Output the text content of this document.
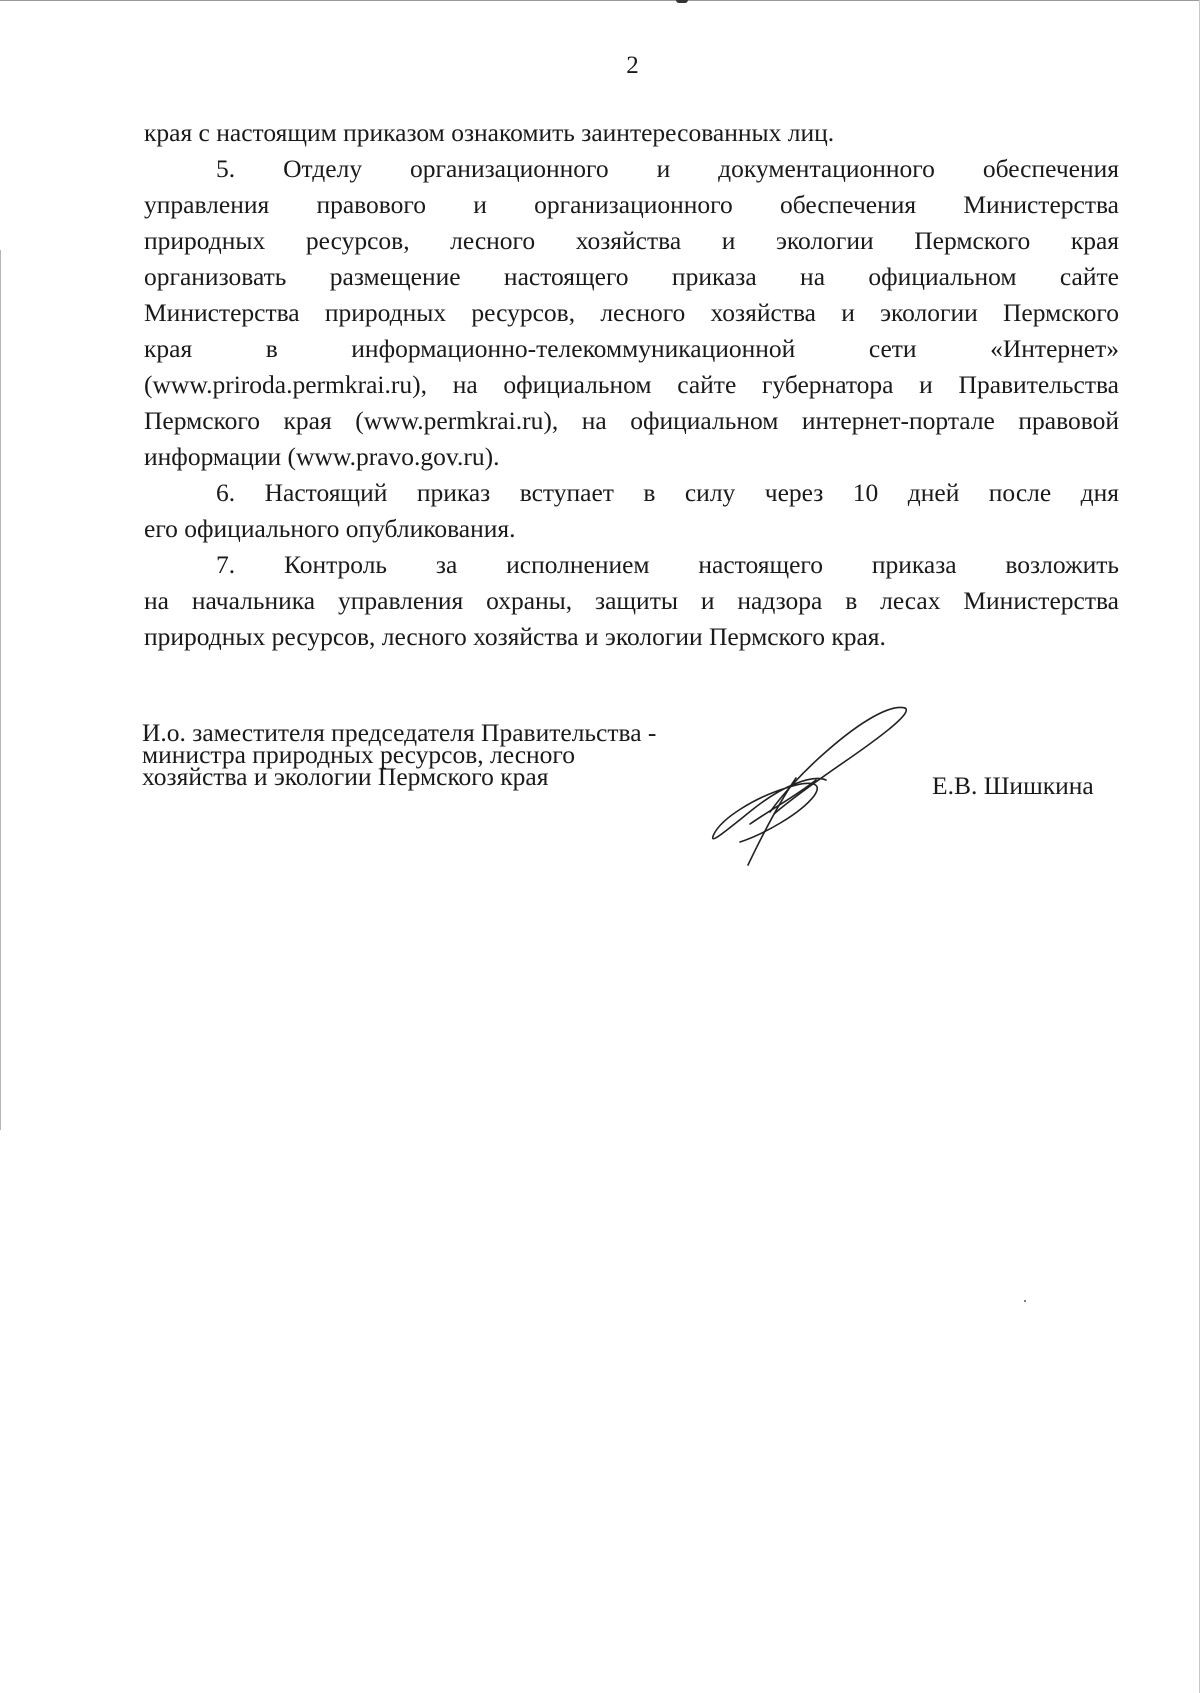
2
края с настоящим приказом ознакомить заинтересованных лиц.
5. Отделу организационного и документационного обеспечения
управления правового и организационного обеспечения Министерства
природных ресурсов, лесного хозяйства и экологии Пермского края
организовать размещение настоящего приказа на официальном сайте
Министерства природных ресурсов, лесного хозяйства и экологии Пермского
края в информационно-телекоммуникационной сети «Интернет»
(www.priroda.permkrai.ru), на официальном сайте губернатора и Правительства
Пермского края (www.permkrai.ru), на официальном интернет-портале правовой
информации (www.pravo.gov.ru).
6. Настоящий приказ вступает в силу через 10 дней после дня
его официального опубликования.
7. Контроль за исполнением настоящего приказа возложить
на начальника управления охраны, защиты и надзора в лесах Министерства
природных ресурсов, лесного хозяйства и экологии Пермского края.
И.о. заместителя председателя Правительства -
министра природных ресурсов, лесного
хозяйства и экологии Пермского края	Е.В. Шишкина
